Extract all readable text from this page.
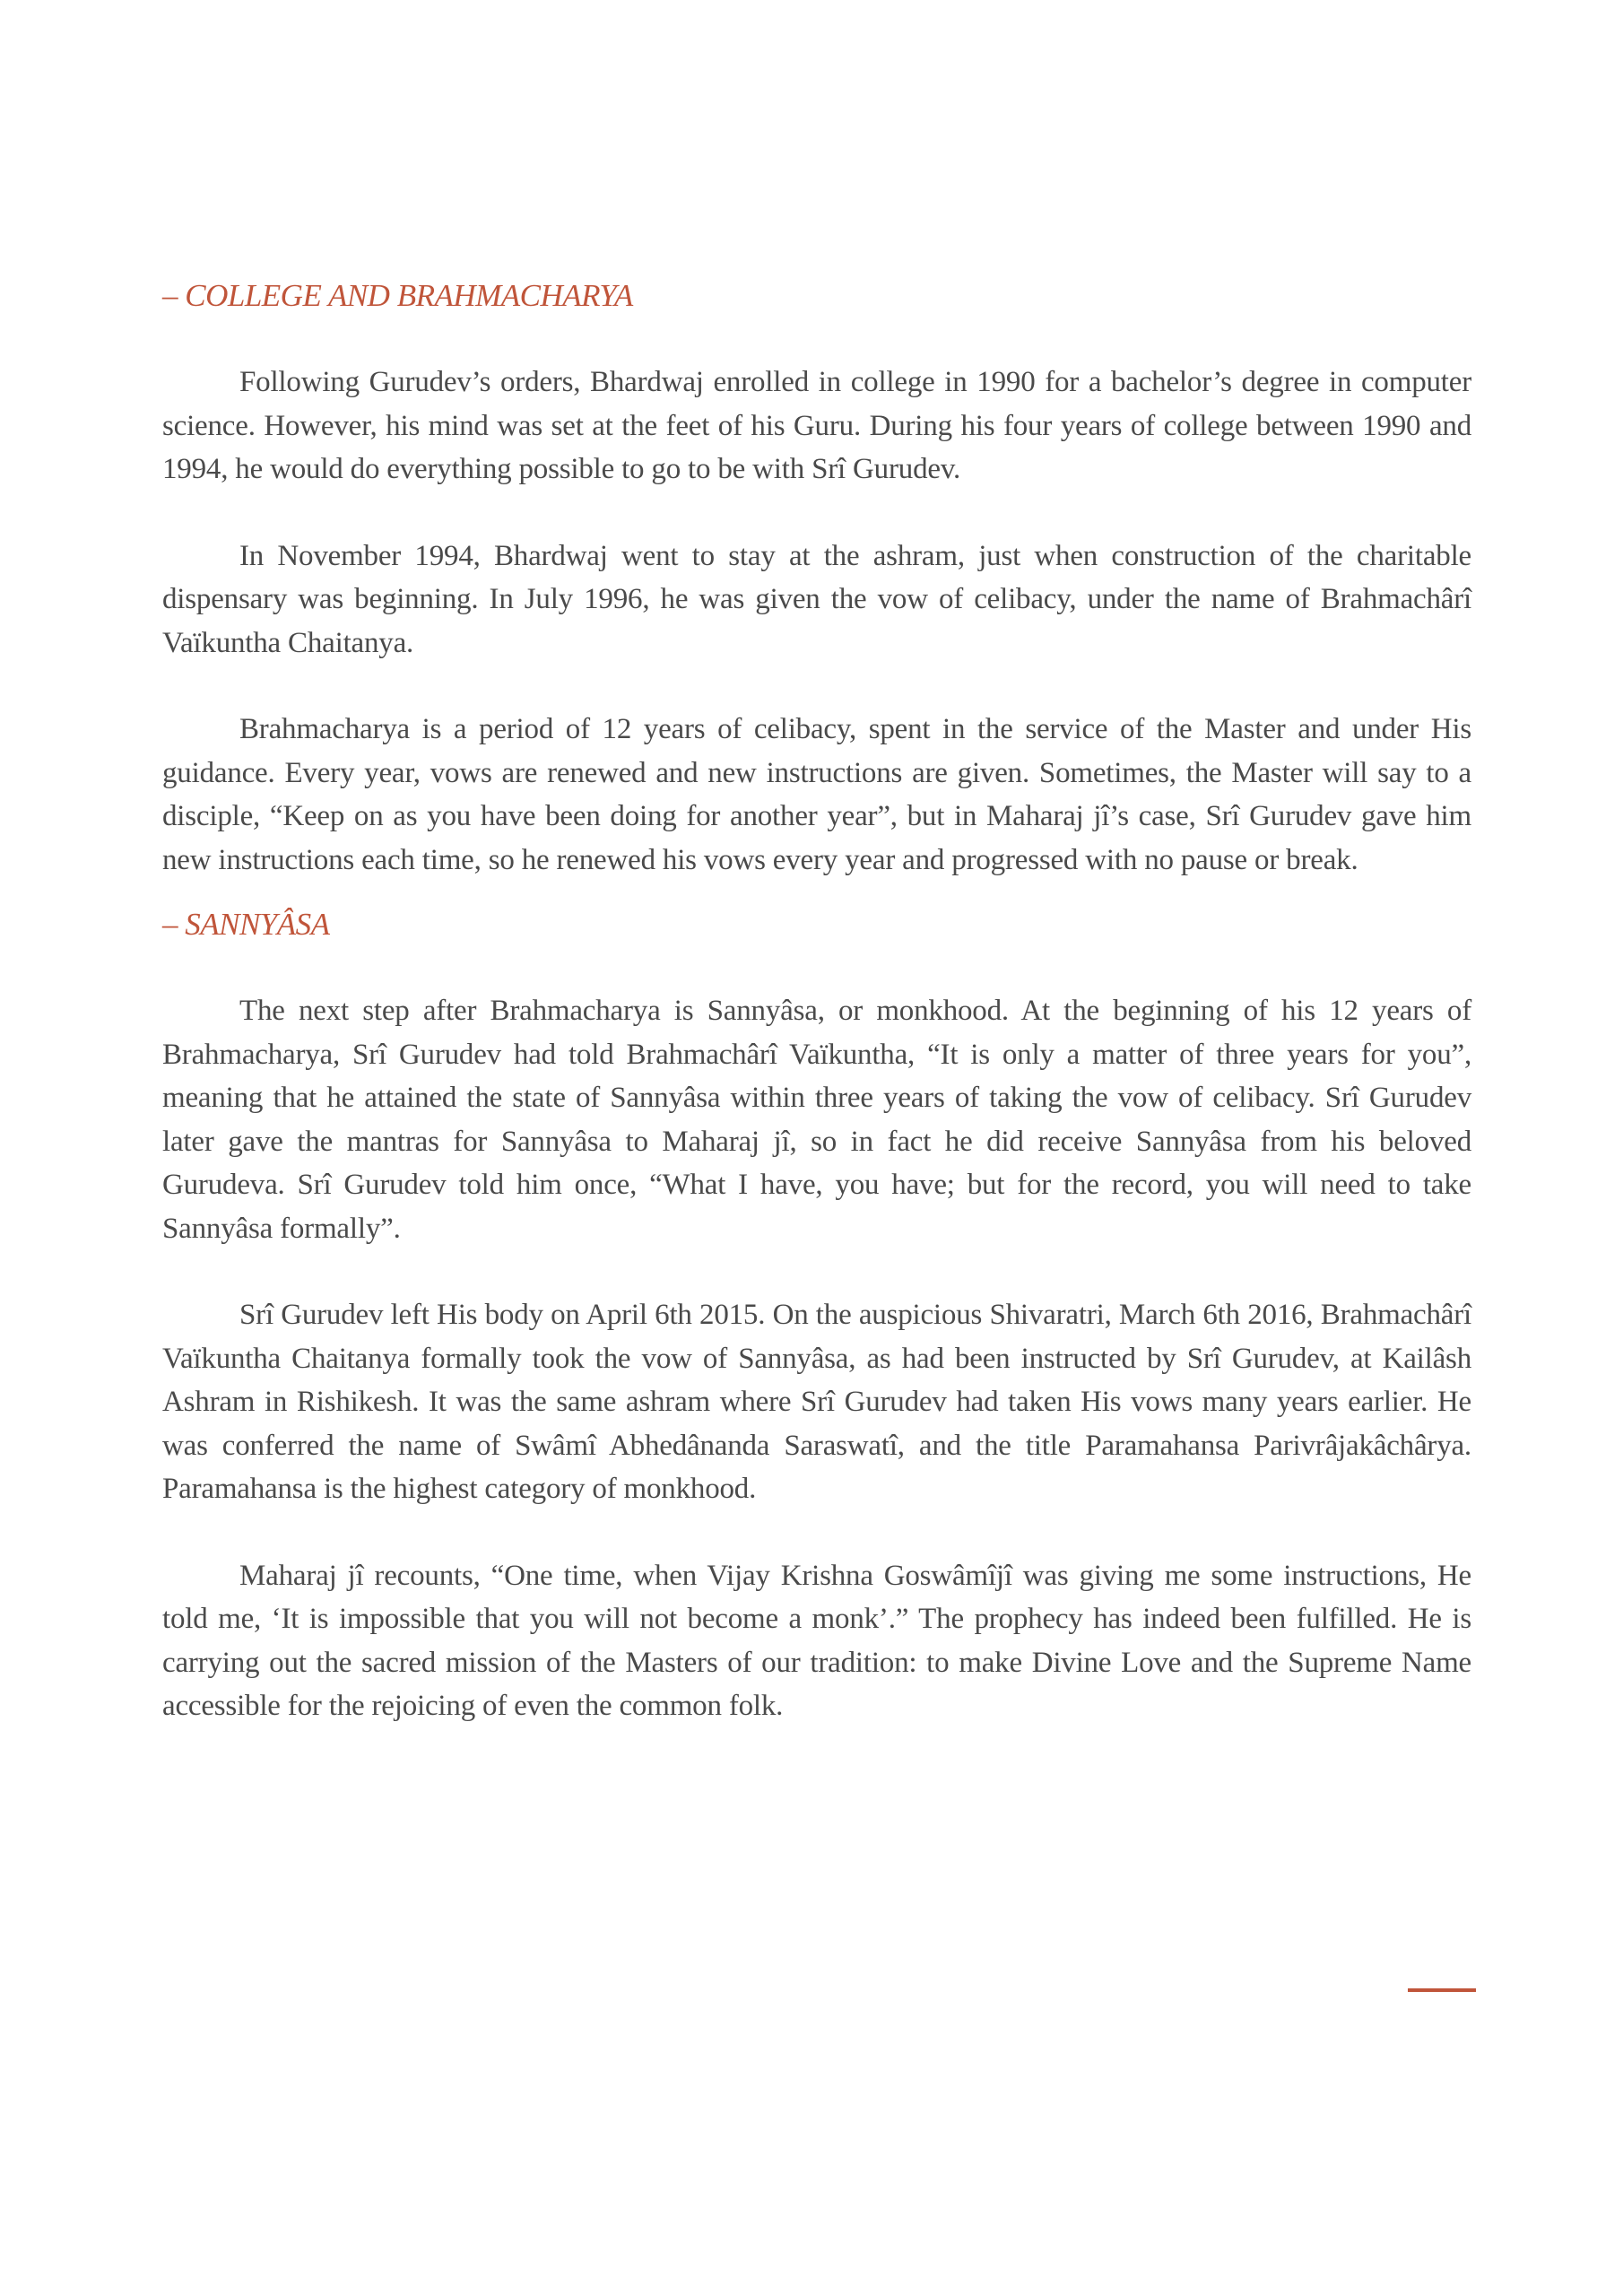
– COLLEGE AND BRAHMACHARYA

Following Gurudev’s orders, Bhardwaj enrolled in college in 1990 for a bachelor’s degree in computer science. However, his mind was set at the feet of his Guru. During his four years of college between 1990 and 1994, he would do everything possible to go to be with Srî Gurudev.

In November 1994, Bhardwaj went to stay at the ashram, just when construction of the charitable dispensary was beginning. In July 1996, he was given the vow of celibacy, under the name of Brahmachârî Vaïkuntha Chaitanya.

Brahmacharya is a period of 12 years of celibacy, spent in the service of the Master and under His guidance. Every year, vows are renewed and new instructions are given. Sometimes, the Master will say to a disciple, “Keep on as you have been doing for another year”, but in Maharaj jî’s case, Srî Gurudev gave him new instructions each time, so he renewed his vows every year and progressed with no pause or break.

– SANNYÂSA

The next step after Brahmacharya is Sannyâsa, or monkhood. At the beginning of his 12 years of Brahmacharya, Srî Gurudev had told Brahmachârî Vaïkuntha, “It is only a matter of three years for you”, meaning that he attained the state of Sannyâsa within three years of taking the vow of celibacy. Srî Gurudev later gave the mantras for Sannyâsa to Maharaj jî, so in fact he did receive Sannyâsa from his beloved Gurudeva. Srî Gurudev told him once, “What I have, you have; but for the record, you will need to take Sannyâsa formally”.

Srî Gurudev left His body on April 6th 2015. On the auspicious Shivaratri, March 6th 2016, Brahmachârî Vaïkuntha Chaitanya formally took the vow of Sannyâsa, as had been instructed by Srî Gurudev, at Kailâsh Ashram in Rishikesh. It was the same ashram where Srî Gurudev had taken His vows many years earlier. He was conferred the name of Swâmî Abhedânanda Saraswatî, and the title Paramahansa Parivrâjakâchârya. Paramahansa is the highest category of monkhood.

Maharaj jî recounts, “One time, when Vijay Krishna Goswâmîjî was giving me some instructions, He told me, ‘It is impossible that you will not become a monk’.” The prophecy has indeed been fulfilled. He is carrying out the sacred mission of the Masters of our tradition: to make Divine Love and the Supreme Name accessible for the rejoicing of even the common folk.
